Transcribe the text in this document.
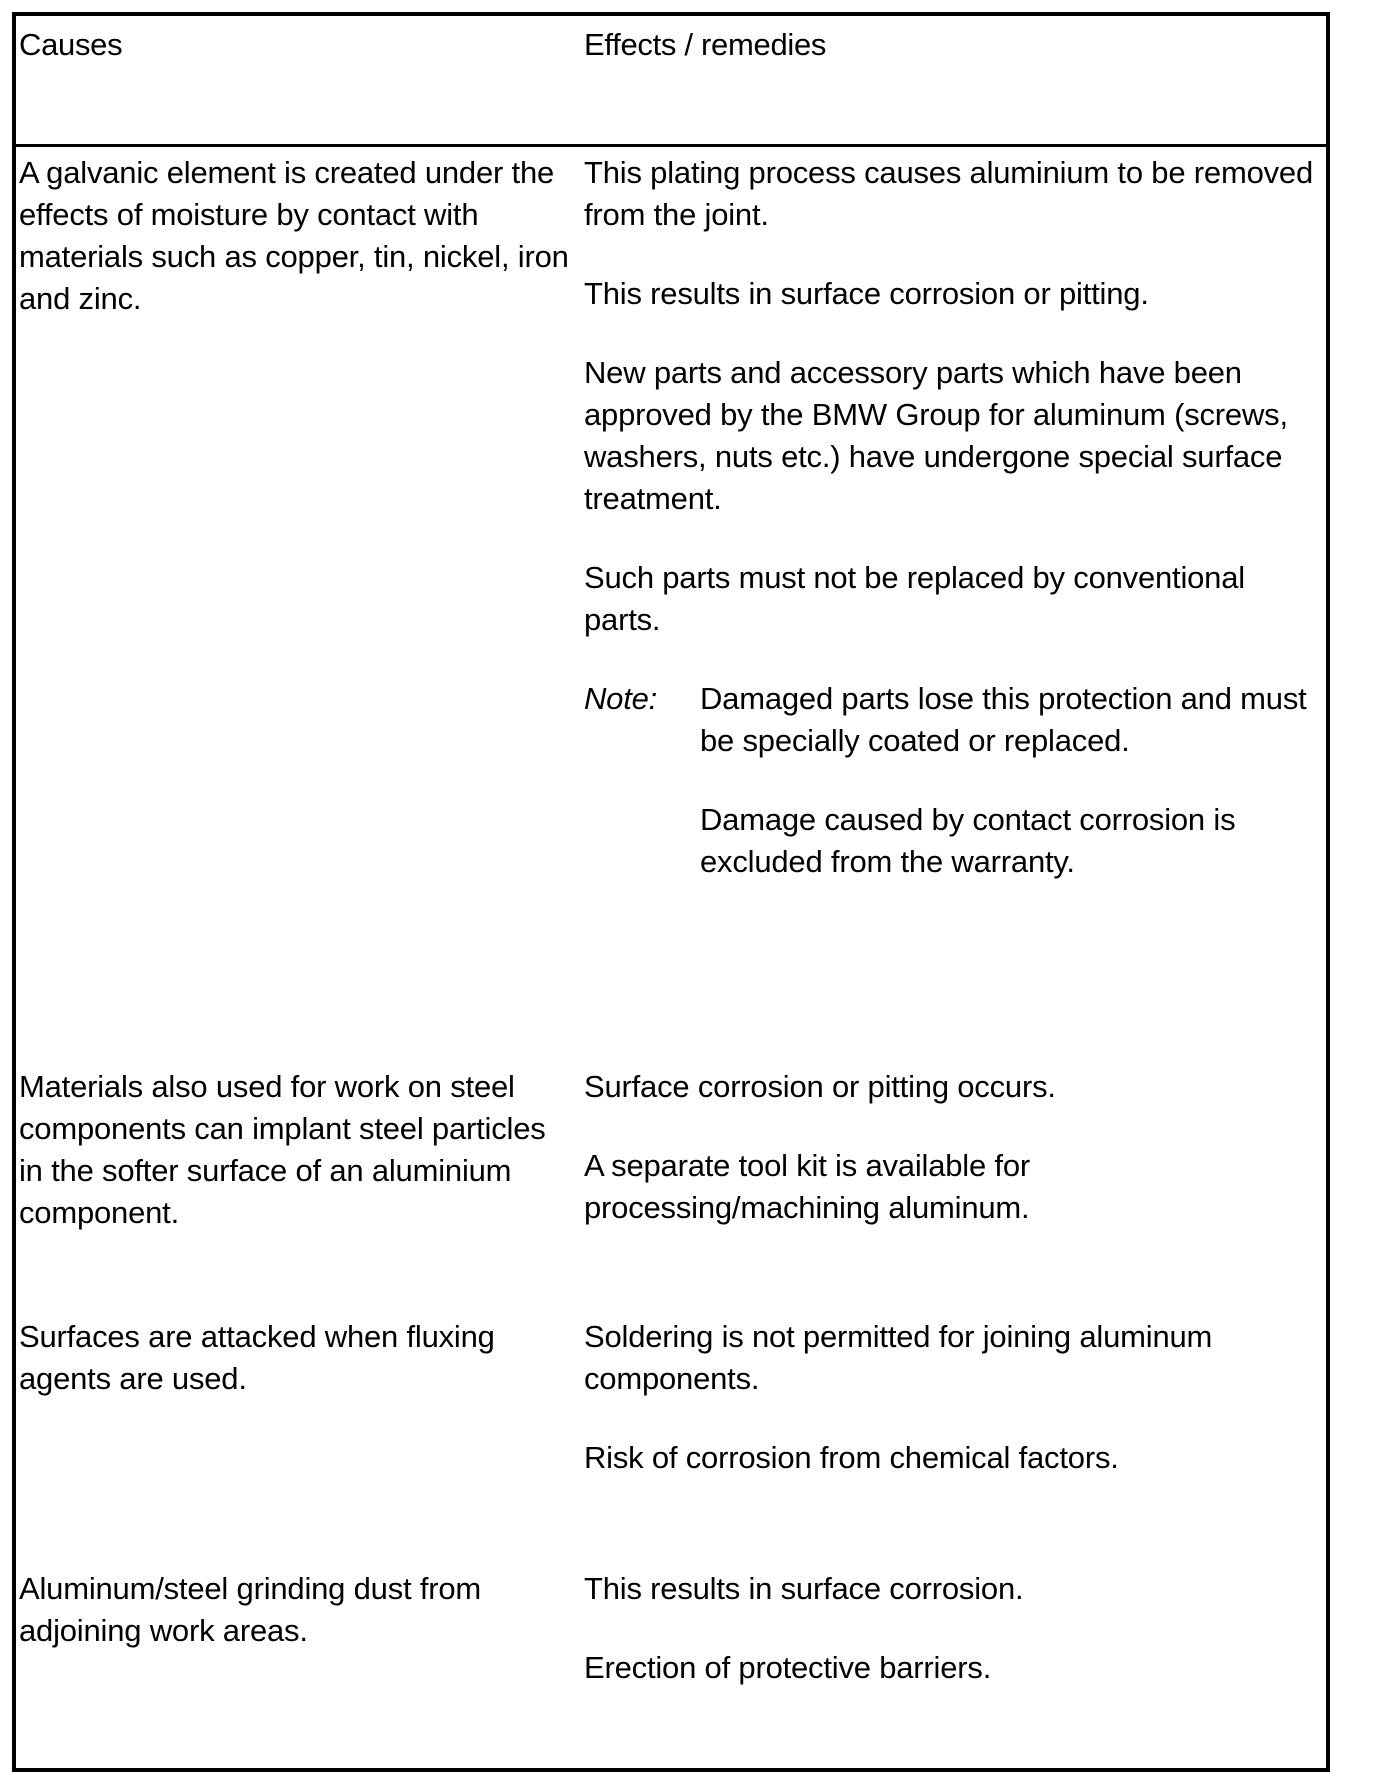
Causes	Effects / remedies

A galvanic element is created under the effects of moisture by contact with materials such as copper, tin, nickel, iron and zinc.

This plating process causes aluminium to be removed from the joint.

This results in surface corrosion or pitting.

New parts and accessory parts which have been approved by the BMW Group for aluminum (screws, washers, nuts etc.) have undergone special surface treatment.

Such parts must not be replaced by conventional parts.

Note:	Damaged parts lose this protection and must be specially coated or replaced.

Damage caused by contact corrosion is excluded from the warranty.

Materials also used for work on steel components can implant steel particles in the softer surface of an aluminium component.

Surface corrosion or pitting occurs.

A separate tool kit is available for processing/machining aluminum.

Surfaces are attacked when fluxing agents are used.

Soldering is not permitted for joining aluminum components.

Risk of corrosion from chemical factors.

Aluminum/steel grinding dust from adjoining work areas.

This results in surface corrosion.

Erection of protective barriers.
